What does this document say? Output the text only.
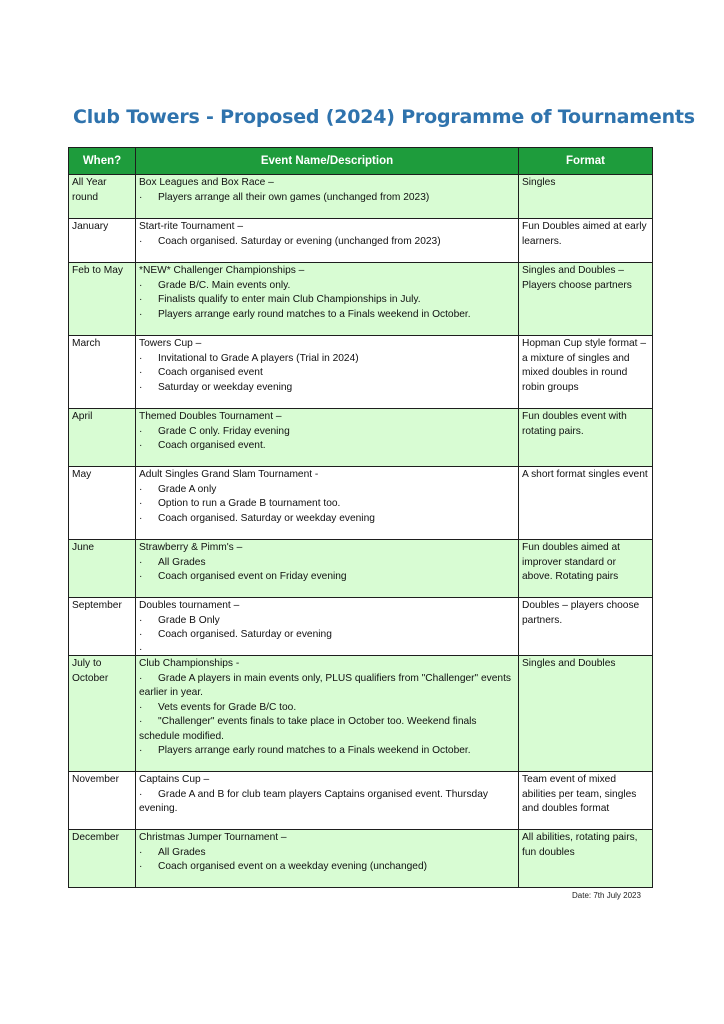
Club Towers - Proposed (2024) Programme of Tournaments
When?	Event Name/Description	Format
All Year round	Box Leagues and Box Race –
· Players arrange all their own games (unchanged from 2023)	Singles
January	Start-rite Tournament –
· Coach organised. Saturday or evening (unchanged from 2023)	Fun Doubles aimed at early learners.
Feb to May	*NEW* Challenger Championships –
· Grade B/C. Main events only.
· Finalists qualify to enter main Club Championships in July.
· Players arrange early round matches to a Finals weekend in October.	Singles and Doubles – Players choose partners
March	Towers Cup –
· Invitational to Grade A players (Trial in 2024)
· Coach organised event
· Saturday or weekday evening	Hopman Cup style format – a mixture of singles and mixed doubles in round robin groups
April	Themed Doubles Tournament –
· Grade C only. Friday evening
· Coach organised event.	Fun doubles event with rotating pairs.
May	Adult Singles Grand Slam Tournament -
· Grade A only
· Option to run a Grade B tournament too.
· Coach organised. Saturday or weekday evening	A short format singles event
June	Strawberry & Pimm's –
· All Grades
· Coach organised event on Friday evening	Fun doubles aimed at improver standard or above. Rotating pairs
September	Doubles tournament –
· Grade B Only
· Coach organised. Saturday or evening	Doubles – players choose partners.
July to October	Club Championships -
· Grade A players in main events only, PLUS qualifiers from "Challenger" events earlier in year.
· Vets events for Grade B/C too.
· "Challenger" events finals to take place in October too. Weekend finals schedule modified.
· Players arrange early round matches to a Finals weekend in October.	Singles and Doubles
November	Captains Cup –
· Grade A and B for club team players Captains organised event. Thursday evening.	Team event of mixed abilities per team, singles and doubles format
December	Christmas Jumper Tournament –
· All Grades
· Coach organised event on a weekday evening (unchanged)	All abilities, rotating pairs, fun doubles
Date: 7th July 2023
